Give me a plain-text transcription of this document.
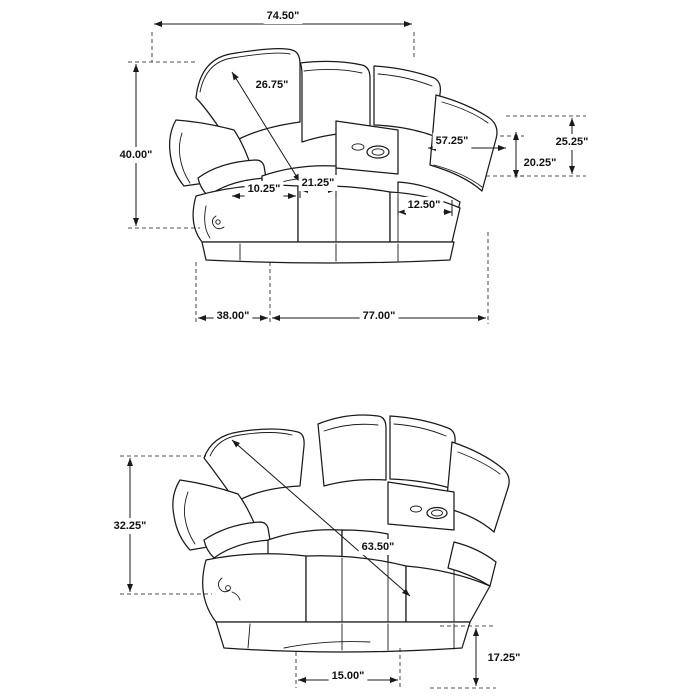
74.50"
26.75"
40.00"
10.25" 21.25"
12.50"
57.25"
20.25"
25.25"
38.00"	77.00"
32.25"
63.50"
15.00"
17.25"
